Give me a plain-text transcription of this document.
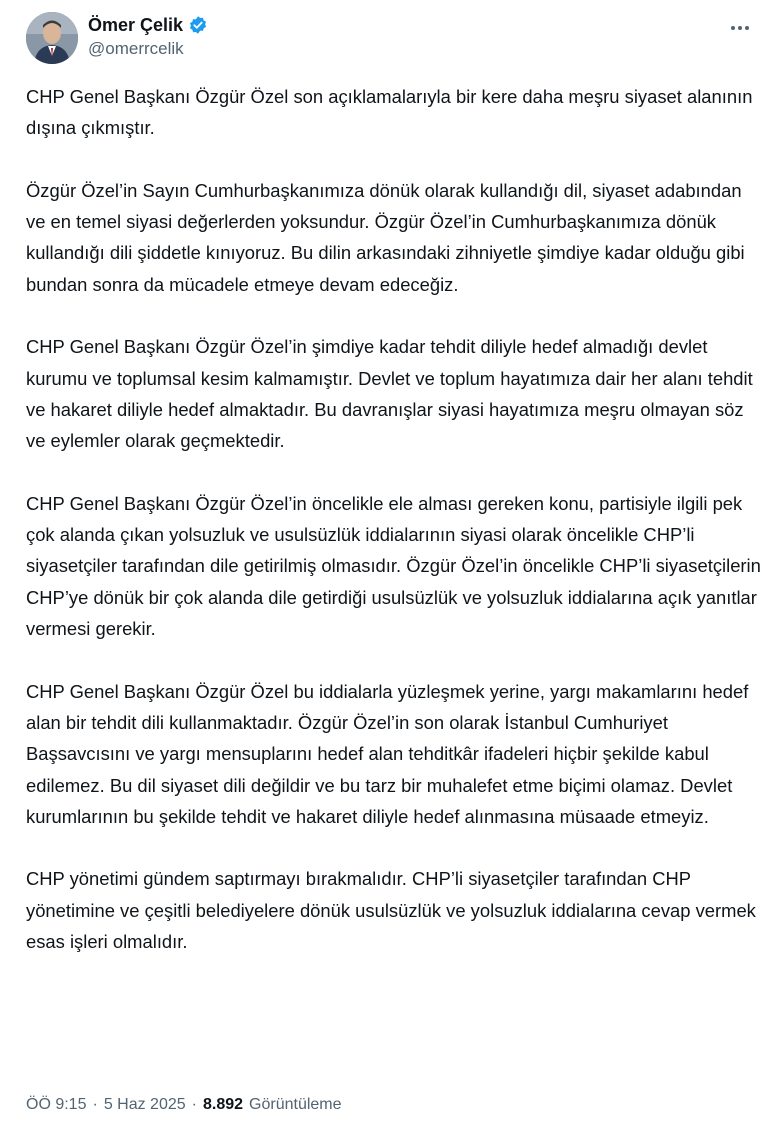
Ömer Çelik
@omerrcelik

CHP Genel Başkanı Özgür Özel son açıklamalarıyla bir kere daha meşru siyaset alanının dışına çıkmıştır.

Özgür Özel’in Sayın Cumhurbaşkanımıza dönük olarak kullandığı dil, siyaset adabından ve en temel siyasi değerlerden yoksundur. Özgür Özel’in Cumhurbaşkanımıza dönük kullandığı dili şiddetle kınıyoruz. Bu dilin arkasındaki zihniyetle şimdiye kadar olduğu gibi bundan sonra da mücadele etmeye devam edeceğiz.

CHP Genel Başkanı Özgür Özel’in şimdiye kadar tehdit diliyle hedef almadığı devlet kurumu ve toplumsal kesim kalmamıştır. Devlet ve toplum hayatımıza dair her alanı tehdit ve hakaret diliyle hedef almaktadır. Bu davranışlar siyasi hayatımıza meşru olmayan söz ve eylemler olarak geçmektedir.

CHP Genel Başkanı Özgür Özel’in öncelikle ele alması gereken konu, partisiyle ilgili pek çok alanda çıkan yolsuzluk ve usulsüzlük iddialarının siyasi olarak öncelikle CHP’li siyasetçiler tarafından dile getirilmiş olmasıdır. Özgür Özel’in öncelikle CHP’li siyasetçilerin CHP’ye dönük bir çok alanda dile getirdiği usulsüzlük ve yolsuzluk iddialarına açık yanıtlar vermesi gerekir.

CHP Genel Başkanı Özgür Özel bu iddialarla yüzleşmek yerine, yargı makamlarını hedef alan bir tehdit dili kullanmaktadır. Özgür Özel’in son olarak İstanbul Cumhuriyet Başsavcısını ve yargı mensuplarını hedef alan tehditkâr ifadeleri hiçbir şekilde kabul edilemez. Bu dil siyaset dili değildir ve bu tarz bir muhalefet etme biçimi olamaz. Devlet kurumlarının bu şekilde tehdit ve hakaret diliyle hedef alınmasına müsaade etmeyiz.

CHP yönetimi gündem saptırmayı bırakmalıdır. CHP’li siyasetçiler tarafından CHP yönetimine ve çeşitli belediyelere dönük usulsüzlük ve yolsuzluk iddialarına cevap vermek esas işleri olmalıdır.

ÖÖ 9:15 · 5 Haz 2025 · 8.892 Görüntüleme
